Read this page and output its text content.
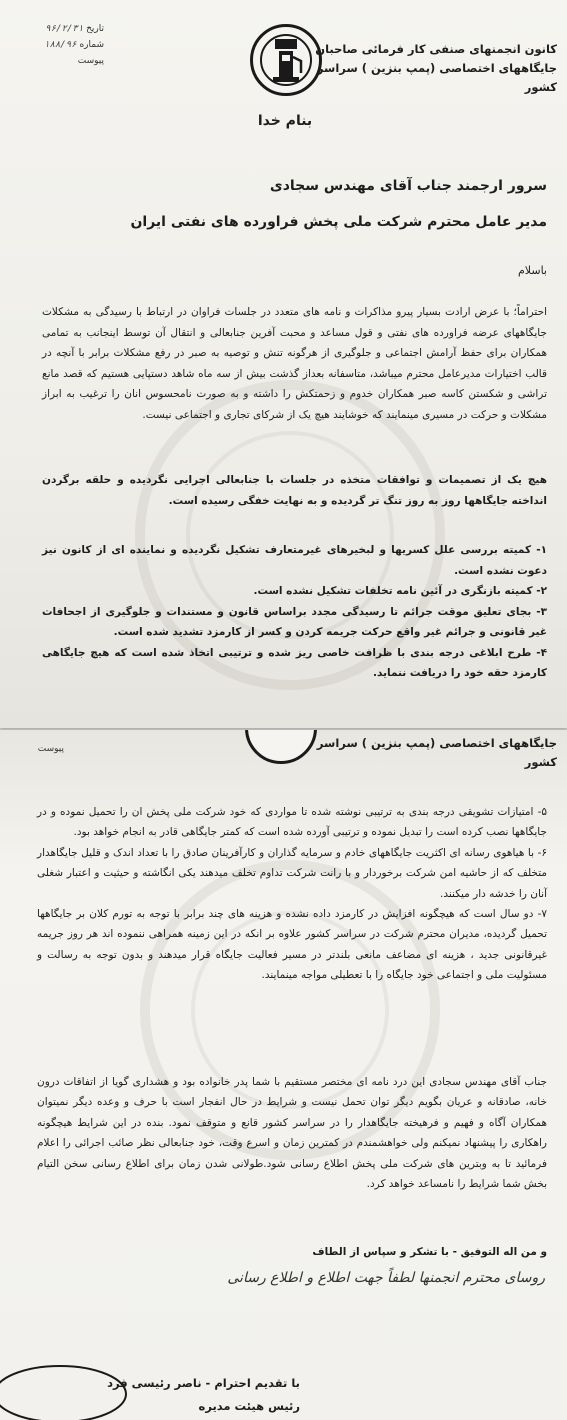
تاریخ ۹۶/۲/۳۱
شماره ۱۸۸/۹۶
پیوست
کانون انجمنهای صنفی کار فرمائی صاحبان
جایگاههای اختصاصی (پمپ بنزین ) سراسر کشور
بنام خدا
سرور ارجمند جناب آقای مهندس سجادی
مدیر عامل محترم شرکت ملی پخش فراورده های نفتی ایران
باسلام

احتراماً؛ با عرض ارادت بسیار پیرو مذاکرات و نامه های متعدد در جلسات فراوان در ارتباط با رسیدگی به مشکلات جایگاههای عرضه فراورده های نفتی و قول مساعد و محبت آفرین جنابعالی و انتقال آن توسط اینجانب به تمامی همکاران برای حفظ آرامش اجتماعی و جلوگیری از هرگونه تنش و توصیه به صبر در رفع مشکلات برابر با آنچه در قالب اختیارات مدیرعامل محترم میباشد، متاسفانه بعداز گذشت بیش از سه ماه شاهد دستپایی هستیم که قصد مانع تراشی و شکستن کاسه صبر همکاران خدوم و زحمتکش را داشته و به صورت نامحسوس انان را ترغیب به ابراز مشکلات و حرکت در مسیری مینمایند که خوشایند هیچ یک از شرکای تجاری و اجتماعی نیست.

هیچ یک از تصمیمات و توافقات متخذه در جلسات با جنابعالی اجرایی نگردیده و حلقه برگردن انداخته جایگاهها روز به روز تنگ تر گردیده و به نهایت خفگی رسیده است.

۱- کمیته بررسی علل کسریها و لبخیرهای غیرمتعارف تشکیل نگردیده و نماینده ای از کانون نیز دعوت نشده است.

۲- کمیته بازنگری در آئین نامه تخلفات تشکیل نشده است.

۳- بجای تعلیق موقت جرائم تا رسیدگی مجدد براساس قانون و مستندات و جلوگیری از اجحافات غیر قانونی و جرائم غیر واقع حرکت جریمه کردن و کسر از کارمزد تشدید شده است.

۴- طرح ابلاغی درجه بندی با ظرافت خاصی ریز شده و ترتیبی اتخاذ شده است که هیچ جایگاهی کارمزد حقه خود را دریافت ننماید.

پیوست	جایگاههای اختصاصی (پمپ بنزین ) سراسر کشور

۵- امتیازات تشویقی درجه بندی به ترتیبی نوشته شده تا مواردی که خود شرکت ملی پخش ان را تحمیل نموده و در جایگاهها نصب کرده است را تبدیل نموده و ترتیبی آورده شده است که کمتر جایگاهی قادر به انجام خواهد بود.

۶- با هیاهوی رسانه ای اکثریت جایگاههای خادم و سرمایه گذاران و کارآفرینان صادق را با تعداد اندک و قلیل جایگاهدار متخلف که از حاشیه امن شرکت برخوردار و با رانت شرکت تداوم تخلف میدهند یکی انگاشته و حیثیت و اعتبار شغلی آنان را خدشه دار میکنند.

۷- دو سال است که هیچگونه افزایش در کارمزد داده نشده و هزینه های چند برابر با توجه به تورم کلان بر جایگاهها تحمیل گردیده، مدیران محترم شرکت در سراسر کشور علاوه بر انکه در این زمینه همراهی ننموده اند هر روز جریمه غیرقانونی جدید ، هزینه ای مضاعف مانعی بلندتر در مسیر فعالیت جایگاه قرار میدهند و بدون توجه به رسالت و مسئولیت ملی و اجتماعی خود جایگاه را با تعطیلی مواجه مینمایند.

جناب آقای مهندس سجادی این درد نامه ای مختصر مستقیم با شما پدر خانواده بود و هشداری گویا از اتفاقات درون خانه، صادقانه و عریان بگویم دیگر توان تحمل نیست و شرایط در حال انفجار است با حرف و وعده دیگر نمیتوان همکاران آگاه و فهیم و فرهیخته جایگاهدار را در سراسر کشور قانع و متوقف نمود. بنده در این شرایط هیچگونه راهکاری را پیشنهاد نمیکنم ولی خواهشمندم در کمترین زمان و اسرع وقت، خود جنابعالی نظر صائب اجرائی را اعلام فرمائید تا به وبترین های شرکت ملی پخش اطلاع رسانی شود.طولانی شدن زمان برای اطلاع رسانی سخن التیام بخش شما شرایط را نامساعد خواهد کرد.

و من اله التوفیق - با تشکر و سپاس از الطاف
روسای محترم انجمنها لطفاً جهت اطلاع و اطلاع رسانی
با تقدیم احترام - ناصر رئیسی فرد
رئیس هیئت مدیره
